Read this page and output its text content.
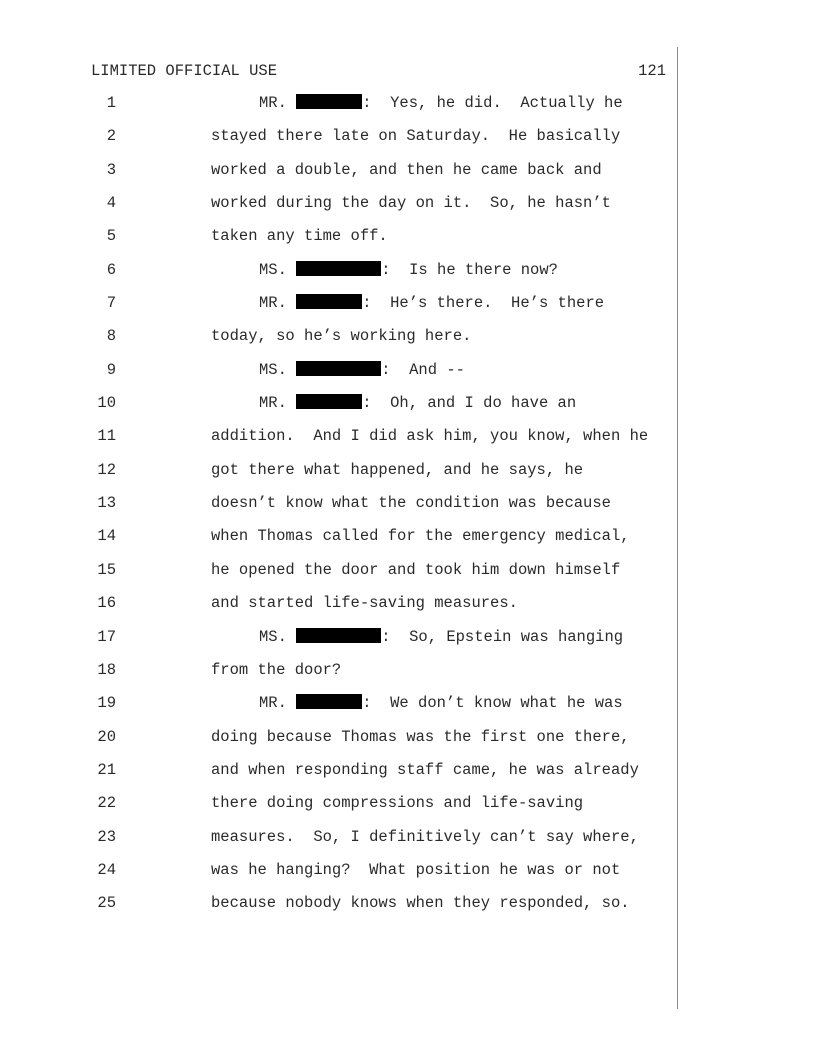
LIMITED OFFICIAL USE	121
1	MR.	:  Yes, he did.  Actually he
2	stayed there late on Saturday.  He basically
3	worked a double, and then he came back and
4	worked during the day on it.  So, he hasn’t
5	taken any time off.
6	MS.	:  Is he there now?
7	MR.	:  He’s there.  He’s there
8	today, so he’s working here.
9	MS.	:  And --
10	MR.	:  Oh, and I do have an
11	addition.  And I did ask him, you know, when he
12	got there what happened, and he says, he
13	doesn’t know what the condition was because
14	when Thomas called for the emergency medical,
15	he opened the door and took him down himself
16	and started life-saving measures.
17	MS.	:  So, Epstein was hanging
18	from the door?
19	MR.	:  We don’t know what he was
20	doing because Thomas was the first one there,
21	and when responding staff came, he was already
22	there doing compressions and life-saving
23	measures.  So, I definitively can’t say where,
24	was he hanging?  What position he was or not
25	because nobody knows when they responded, so.
